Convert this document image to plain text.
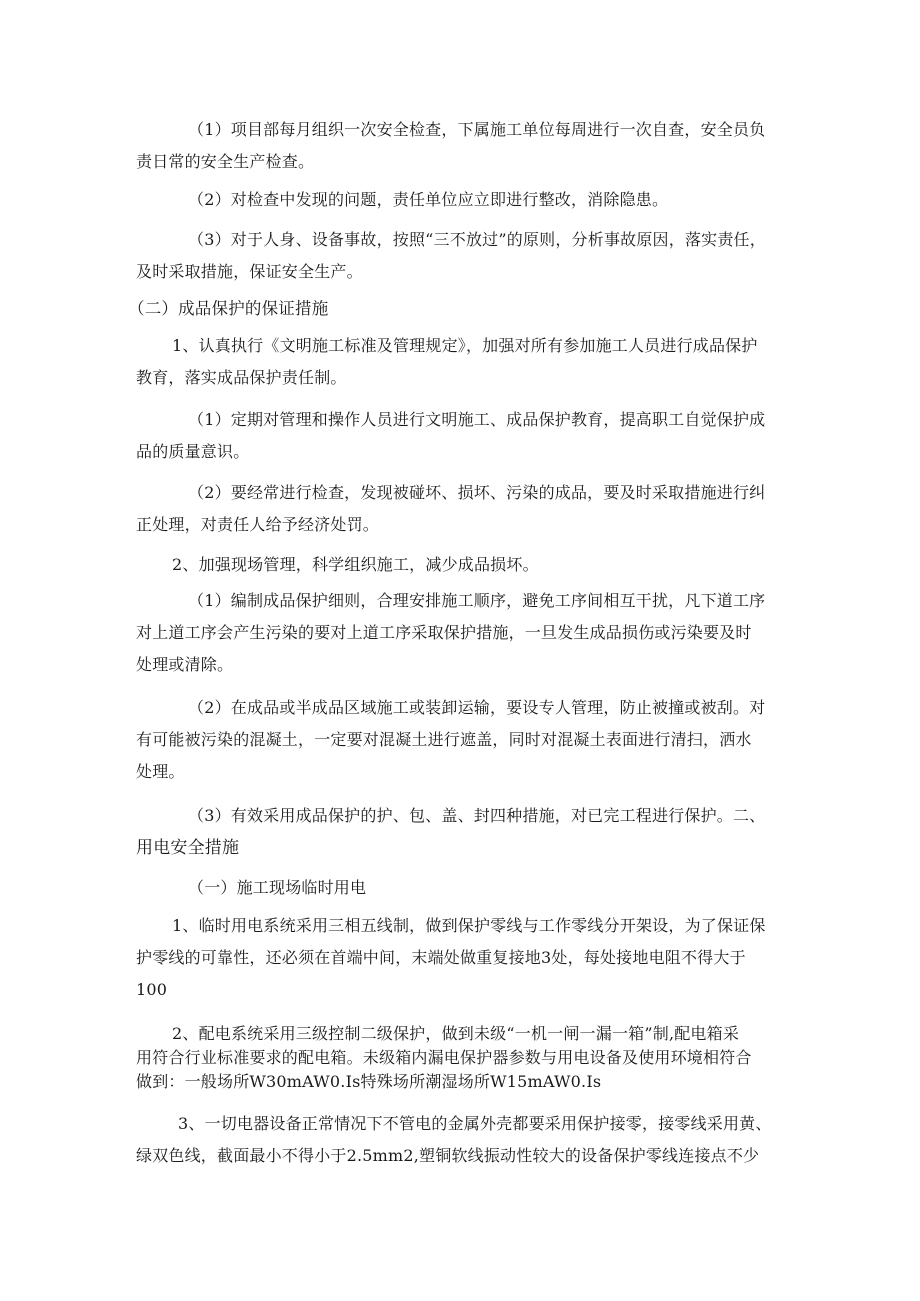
（1）项目部每月组织一次安全检查，下属施工单位每周进行一次自查，安全员负
责日常的安全生产检查。
（2）对检查中发现的问题，责任单位应立即进行整改，消除隐患。
（3）对于人身、设备事故，按照“三不放过”的原则，分析事故原因，落实责任，
及时采取措施，保证安全生产。
（二）成品保护的保证措施
1、认真执行《文明施工标准及管理规定》，加强对所有参加施工人员进行成品保护
教育，落实成品保护责任制。
（1）定期对管理和操作人员进行文明施工、成品保护教育，提高职工自觉保护成
品的质量意识。
（2）要经常进行检查，发现被碰坏、损坏、污染的成品，要及时采取措施进行纠
正处理，对责任人给予经济处罚。
2、加强现场管理，科学组织施工，减少成品损坏。
（1）编制成品保护细则，合理安排施工顺序，避免工序间相互干扰，凡下道工序
对上道工序会产生污染的要对上道工序采取保护措施，一旦发生成品损伤或污染要及时
处理或清除。
（2）在成品或半成品区域施工或装卸运输，要设专人管理，防止被撞或被刮。对
有可能被污染的混凝土，一定要对混凝土进行遮盖，同时对混凝土表面进行清扫，洒水
处理。
（3）有效采用成品保护的护、包、盖、封四种措施，对已完工程进行保护。二、
用电安全措施
（一）施工现场临时用电
1、临时用电系统采用三相五线制，做到保护零线与工作零线分开架设，为了保证保
护零线的可靠性，还必须在首端中间，末端处做重复接地3处，每处接地电阻不得大于
100
2、配电系统采用三级控制二级保护，做到未级“一机一闸一漏一箱”制,配电箱采
用符合行业标准要求的配电箱。未级箱内漏电保护器参数与用电设备及使用环境相符合
做到：一般场所W30mAW0.Is特殊场所潮湿场所W15mAW0.Is
3、一切电器设备正常情况下不管电的金属外壳都要采用保护接零，接零线采用黄、
绿双色线，截面最小不得小于2.5mm2,塑铜软线振动性较大的设备保护零线连接点不少
